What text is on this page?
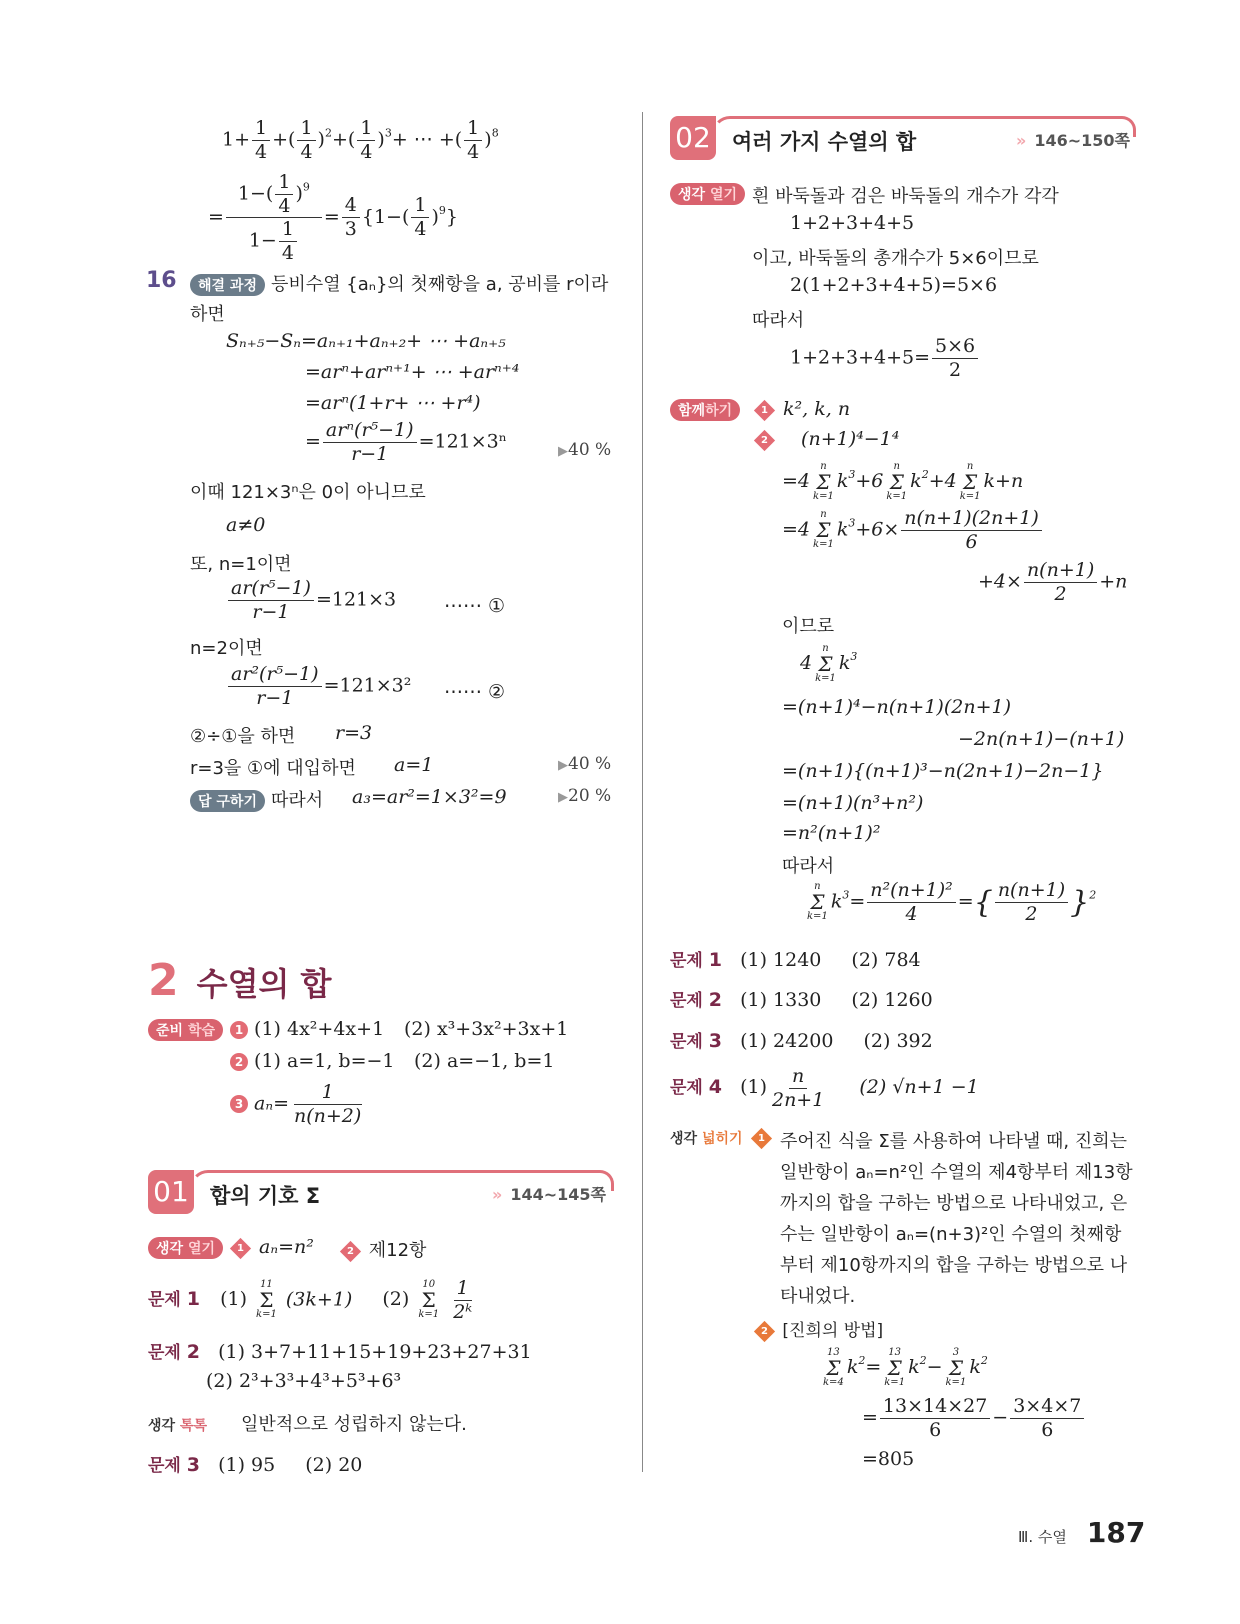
$1+ \frac{1}{4}$ +( $\frac{1}{4} )^2+( \frac{1}{4} )^3+$ ⋯ +( $\frac{1}{4} )^8$
= $\frac{1-( \frac{1}{4} )^9}{1- \frac{1}{4}} = \frac{4}{3} \{1-( \frac{1}{4} )^9\}$
16	해결 과정 등비수열 {aₙ}의 첫째항을 a, 공비를 r이라
하면
Sₙ₊₅−Sₙ=aₙ₊₁+aₙ₊₂+ ⋯ +aₙ₊₅
=arⁿ+arⁿ⁺¹+ ⋯ +arⁿ⁺⁴
=arⁿ(1+r+ ⋯ +r⁴)
= $\frac{\text{arⁿ(r⁵−1)}}{r-1} =121\times 3^n$	▶40 %
이때 121×3ⁿ은 0이 아니므로
a≠0
또, n=1이면
$\frac{\text{ar(r⁵−1)}}{r-1} =121\times 3$	⋯⋯ ①
n=2이면
$\frac{\text{ar²(r⁵−1)}}{r-1} =121\times 3^2$ ⋯⋯ ②
②÷①을 하면 r=3
r=3을 ①에 대입하면 a=1	▶40 %
답 구하기 따라서 a₃=ar²=1×3²=9	▶20 %
2 수열의 합
준비 학습	1 (1) 4x²+4x+1 (2) x³+3x²+3x+1
2 (1) a=1, b=−1 (2) a=−1, b=1
3 $a_n= \frac{1}{n(n+2)}$
01 합의 기호 Σ	» 144~145쪽
생각 열기	1 aₙ=n²	2 제12항
문제 1 (1)
11
Σ
k=1
(3k+1) (2)
10
Σ
k=1
$\frac{1}{\text{2ᵏ}}$
문제 2 (1) 3+7+11+15+19+23+27+31
(2) 2³+3³+4³+5³+6³
생각 톡톡 일반적으로 성립하지 않는다.
문제 3 (1) 95 (2) 20
02 여러 가지 수열의 합	» 146~150쪽
생각 열기 흰 바둑돌과 검은 바둑돌의 개수가 각각
1+2+3+4+5
이고, 바둑돌의 총개수가 5×6이므로
2(1+2+3+4+5)=5×6
따라서
$1+2+3+4+5= \frac{5\times 6}{2}$
함께하기	1 k², k, n
2 (n+1)⁴−1⁴
=4
n
Σ
k=1
$k^3+6$
n
Σ
k=1
$k^2+4$
n
Σ
k=1
k+n
=4
n
Σ
k=1
$k^3+6\times \frac{n(n+1)(2n+1)}{6}$
$+4\times \frac{n(n+1)}{2} +n$
이므로
4
n
Σ
k=1
$k^3$
=(n+1)⁴−n(n+1)(2n+1)
−2n(n+1)−(n+1)
=(n+1){(n+1)³−n(2n+1)−2n−1}
=(n+1)(n³+n²)
=n²(n+1)²
따라서
n
Σ
k=1
$k^3= \frac{\text{n²(n+1)²}}{4}$ ={ $\frac{n(n+1)}{2} \}^2$
문제 1 (1) 1240 (2) 784
문제 2 (1) 1330 (2) 1260
문제 3 (1) 24200 (2) 392
문제 4 $(1) \frac{n}{2n+1} (2)$ √n+1 −1
생각 넓히기	1 주어진 식을 Σ를 사용하여 나타낼 때, 진희는
일반항이 aₙ=n²인 수열의 제4항부터 제13항
까지의 합을 구하는 방법으로 나타내었고, 은
수는 일반항이 aₙ=(n+3)²인 수열의 첫째항
부터 제10항까지의 합을 구하는 방법으로 나
타내었다.
2 [진희의 방법]
13
Σ
k=4
$k^2=$
13
Σ
k=1
$k^2-$
3
Σ
k=1
$k^2$
= $\frac{13\times 14\times 27}{6} - \frac{3\times 4\times 7}{6}$
=805
Ⅲ. 수열 187
